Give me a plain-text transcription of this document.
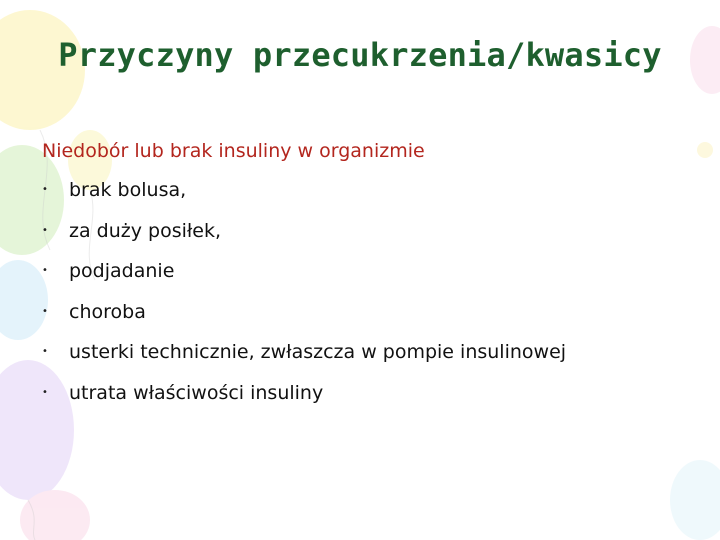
Przyczyny przecukrzenia/kwasicy
Niedobór lub brak insuliny w organizmie
•	brak bolusa,
•	za duży posiłek,
•	podjadanie
•	choroba
•	usterki technicznie, zwłaszcza w pompie insulinowej
•	utrata właściwości insuliny
